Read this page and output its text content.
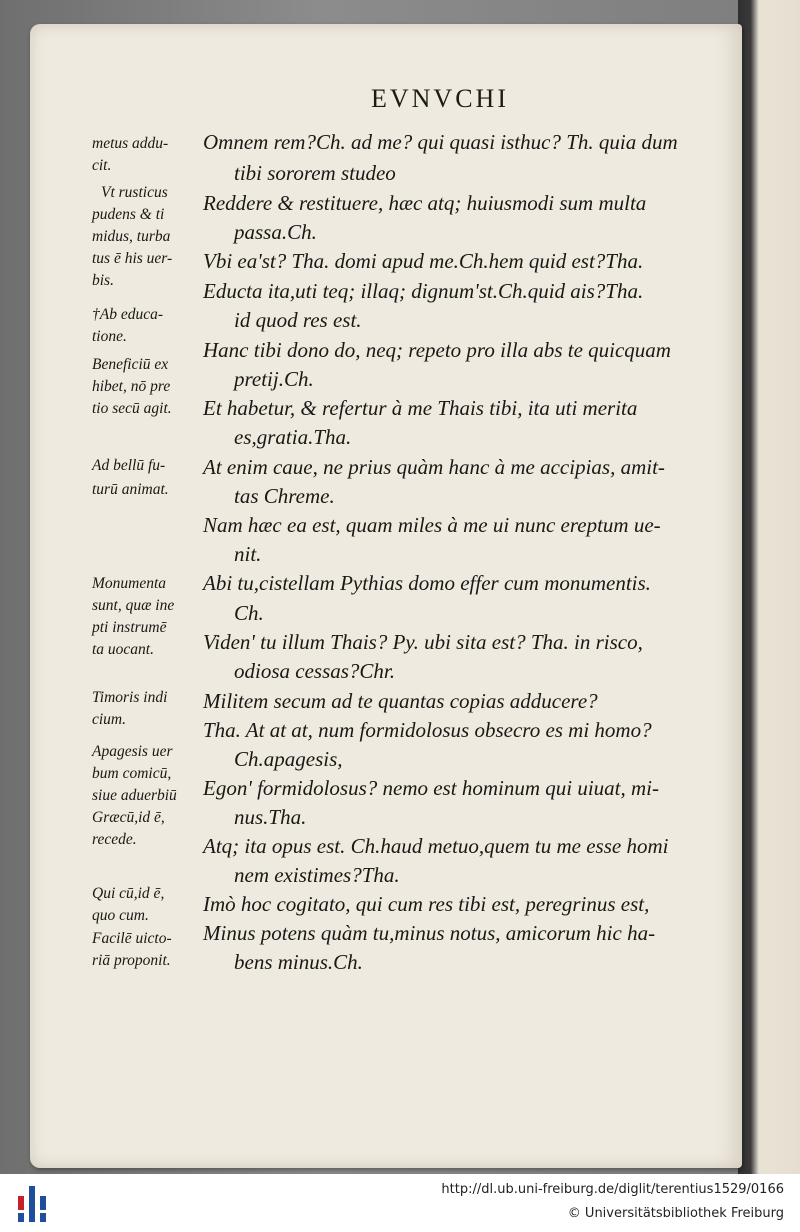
EVNVCHI
Omnem rem?Ch. ad me? qui quasi isthuc? Th. quia dum
tibi sororem studeo
Reddere & restituere, hæc atq; huiusmodi sum multa
passa.Ch.
Vbi ea'st? Tha. domi apud me.Ch.hem quid est?Tha.
Educta ita,uti teq; illaq; dignum'st.Ch.quid ais?Tha.
id quod res est.
Hanc tibi dono do, neq; repeto pro illa abs te quicquam
pretij.Ch.
Et habetur, & refertur à me Thais tibi, ita uti merita
es,gratia.Tha.
At enim caue, ne prius quàm hanc à me accipias, amit-
tas Chreme.
Nam hæc ea est, quam miles à me ui nunc ereptum ue-
nit.
Abi tu,cistellam Pythias domo effer cum monumentis.
Ch.
Viden' tu illum Thais? Py. ubi sita est? Tha. in risco,
odiosa cessas?Chr.
Militem secum ad te quantas copias adducere?
Tha. At at at, num formidolosus obsecro es mi homo?
Ch.apagesis,
Egon' formidolosus? nemo est hominum qui uiuat, mi-
nus.Tha.
Atq; ita opus est. Ch.haud metuo,quem tu me esse homi
nem existimes?Tha.
Imò hoc cogitato, qui cum res tibi est, peregrinus est,
Minus potens quàm tu,minus notus, amicorum hic ha-
bens minus.Ch.
metus addu-
cit.
Vt rusticus
pudens & ti
midus, turba
tus ē his uer-
bis.
†Ab educa-
tione.
Beneficiū ex
hibet, nō pre
tio secū agit.
Ad bellū fu-
turū animat.
Monumenta
sunt, quæ ine
pti instrumē
ta uocant.
Timoris indi
cium.
Apagesis uer
bum comicū,
siue aduerbiū
Græcū,id ē,
recede.
Qui cū,id ē,
quo cum.
Facilē uicto-
riā proponit.
http://dl.ub.uni-freiburg.de/diglit/terentius1529/0166
© Universitätsbibliothek Freiburg
